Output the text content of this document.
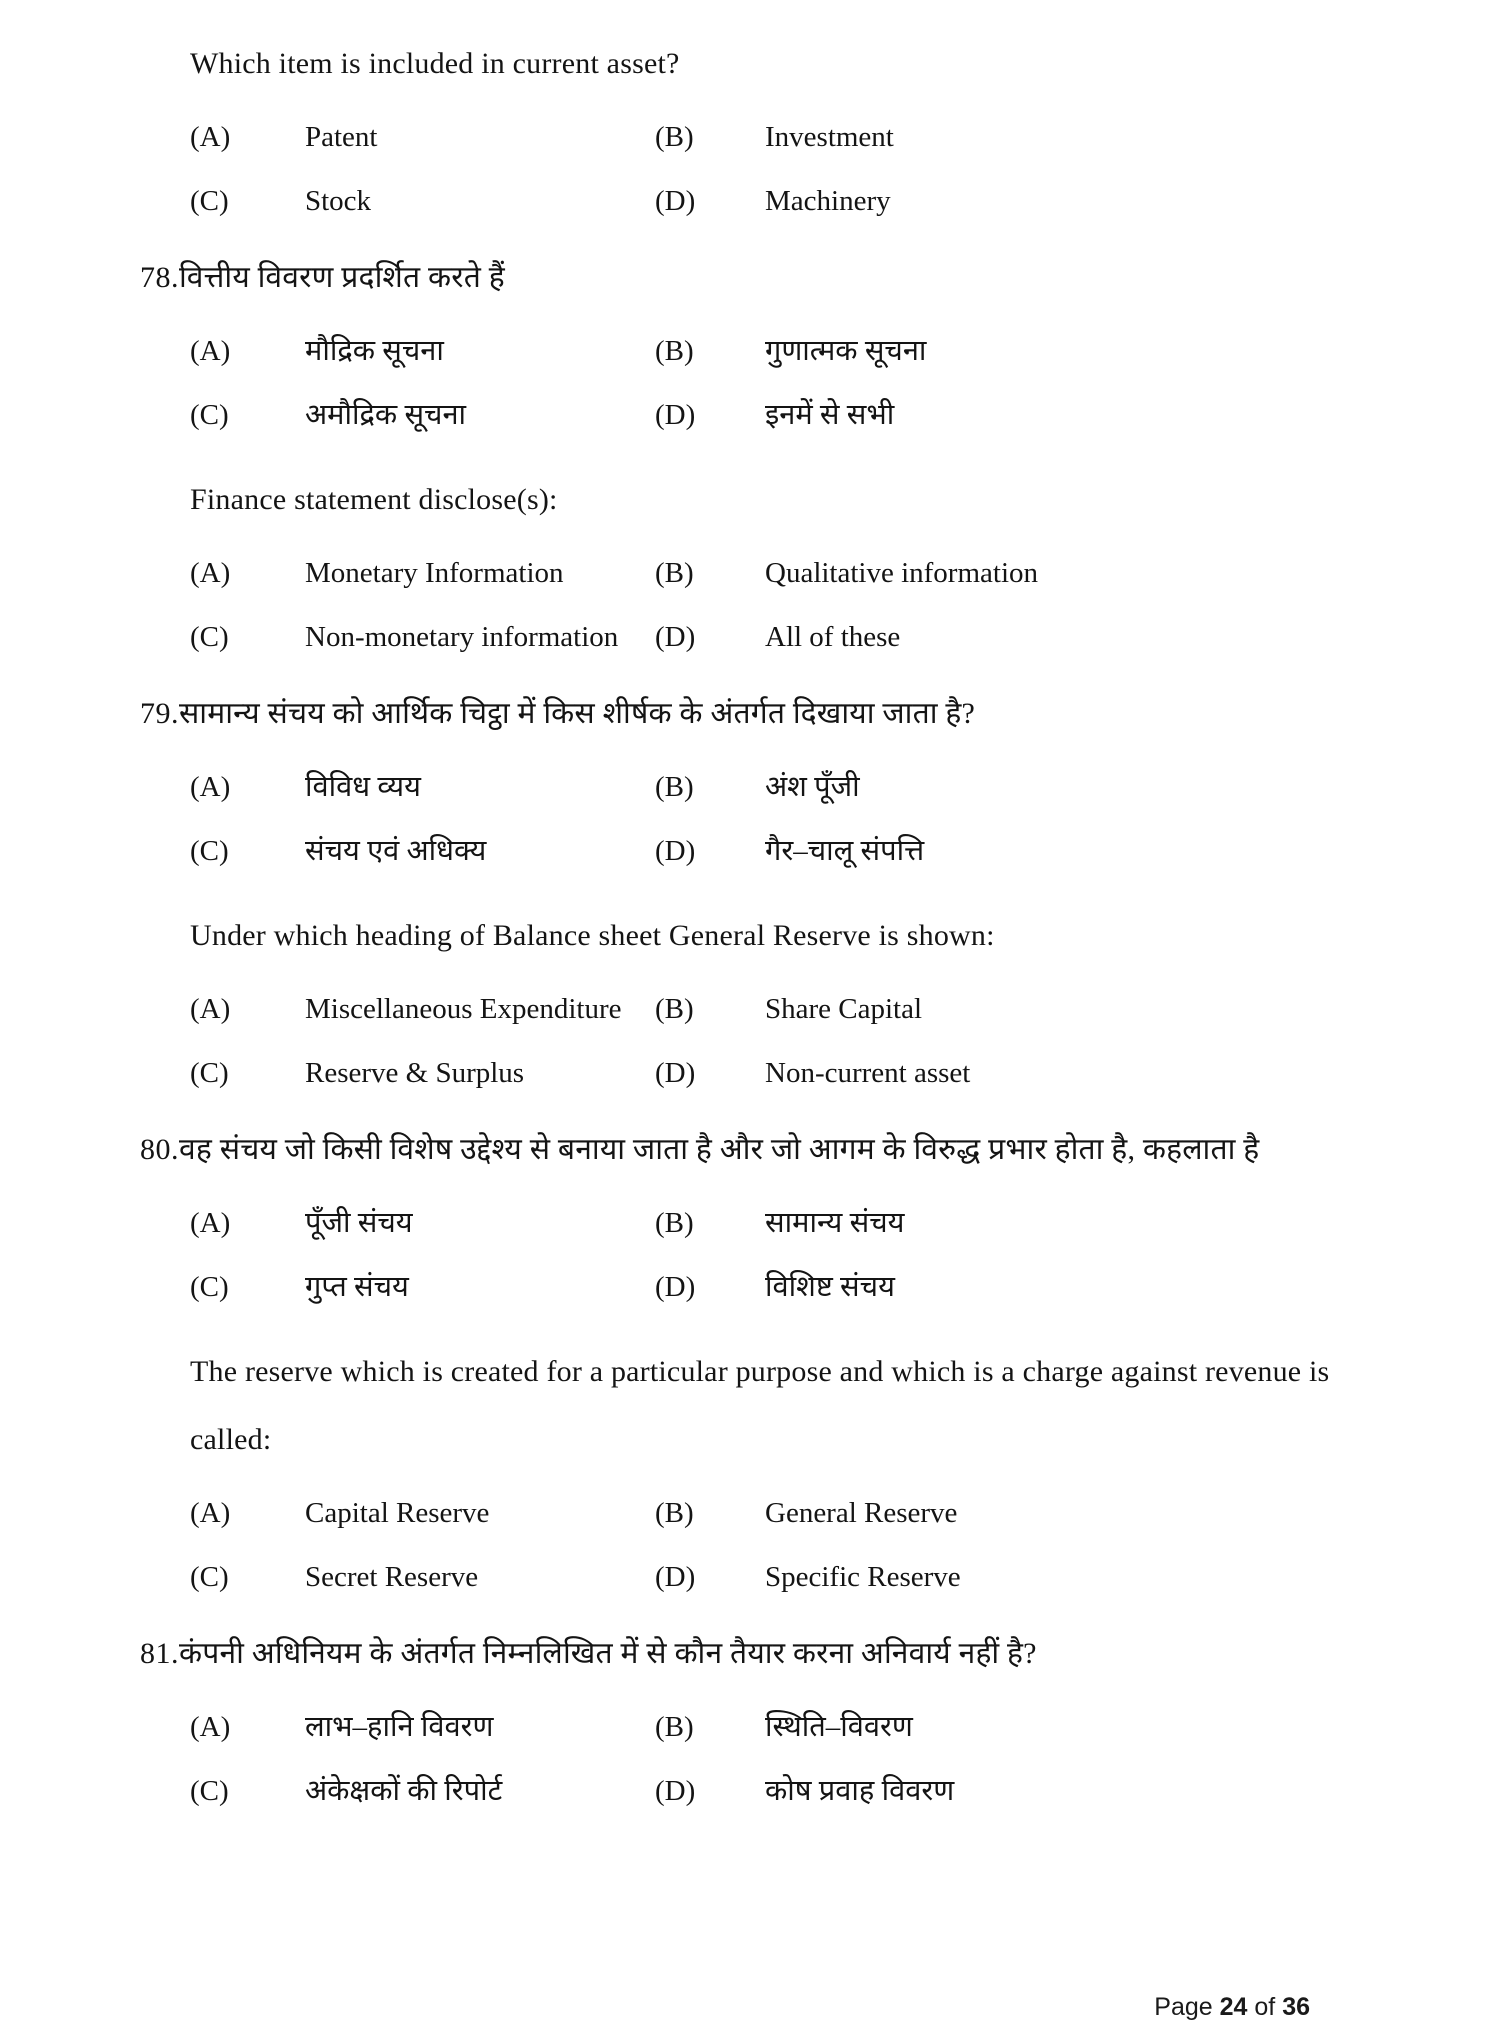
Which item is included in current asset?

(A)	Patent	(B)	Investment
(C)	Stock	(D)	Machinery

78.वित्तीय विवरण प्रदर्शित करते हैं

(A)	मौद्रिक सूचना	(B)	गुणात्मक सूचना
(C)	अमौद्रिक सूचना	(D)	इनमें से सभी

Finance statement disclose(s):

(A)	Monetary Information	(B)	Qualitative information
(C)	Non-monetary information	(D)	All of these

79.सामान्य संचय को आर्थिक चिट्ठा में किस शीर्षक के अंतर्गत दिखाया जाता है?

(A)	विविध व्यय	(B)	अंश पूँजी
(C)	संचय एवं अधिक्य	(D)	गैर–चालू संपत्ति

Under which heading of Balance sheet General Reserve is shown:

(A)	Miscellaneous Expenditure	(B)	Share Capital
(C)	Reserve & Surplus	(D)	Non-current asset

80.वह संचय जो किसी विशेष उद्देश्य से बनाया जाता है और जो आगम के विरुद्ध प्रभार होता है, कहलाता है

(A)	पूँजी संचय	(B)	सामान्य संचय
(C)	गुप्त संचय	(D)	विशिष्ट संचय

The reserve which is created for a particular purpose and which is a charge against revenue is called:

(A)	Capital Reserve	(B)	General Reserve
(C)	Secret Reserve	(D)	Specific Reserve

81.कंपनी अधिनियम के अंतर्गत निम्नलिखित में से कौन तैयार करना अनिवार्य नहीं है?

(A)	लाभ–हानि विवरण	(B)	स्थिति–विवरण
(C)	अंकेक्षकों की रिपोर्ट	(D)	कोष प्रवाह विवरण
Page 24 of 36
